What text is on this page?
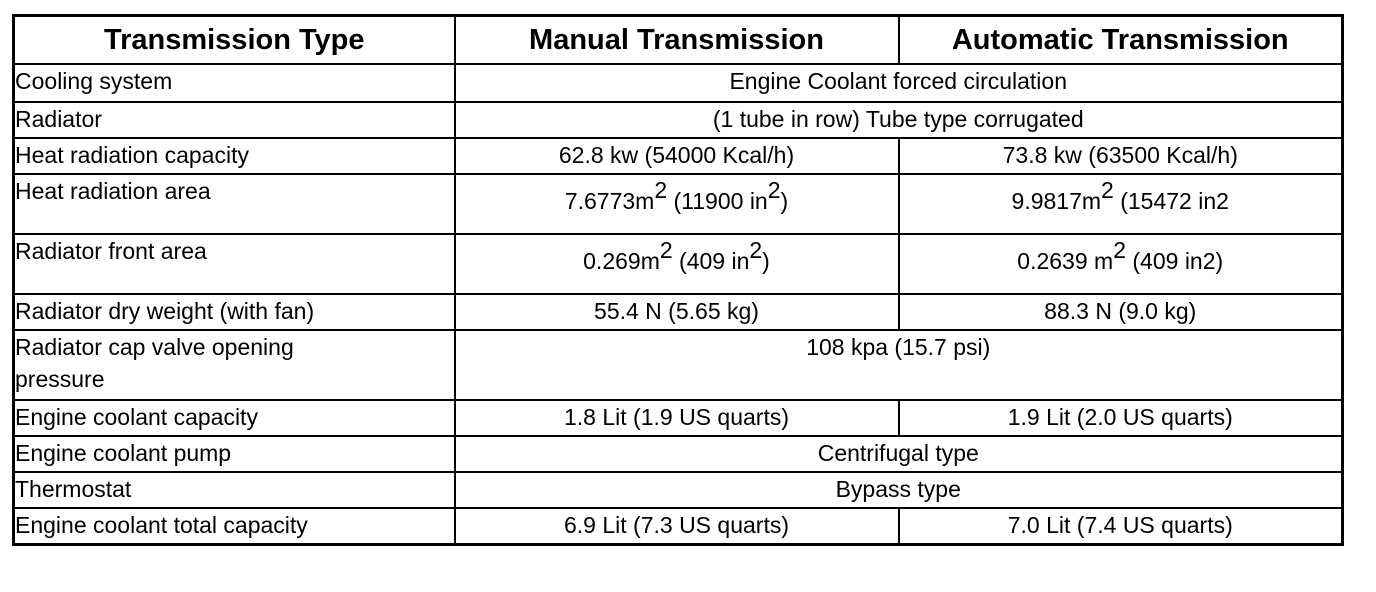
Transmission Type	Manual Transmission	Automatic Transmission
Cooling system	Engine Coolant forced circulation	
Radiator	(1 tube in row) Tube type corrugated	
Heat radiation capacity	62.8 kw (54000 Kcal/h)	73.8 kw (63500 Kcal/h)
Heat radiation area	$7.6773m^2$ (11900 $in^2$)	$9.9817m^2$ (15472 in2
Radiator front area	$0.269m^2$ (409 $in^2$)	0.2639 $m^2$ (409 in2)
Radiator dry weight (with fan)	55.4 N (5.65 kg)	88.3 N (9.0 kg)
Radiator cap valve opening
pressure	108 kpa (15.7 psi)	
Engine coolant capacity	1.8 Lit (1.9 US quarts)	1.9 Lit (2.0 US quarts)
Engine coolant pump	Centrifugal type	
Thermostat	Bypass type	
Engine coolant total capacity	6.9 Lit (7.3 US quarts)	7.0 Lit (7.4 US quarts)
